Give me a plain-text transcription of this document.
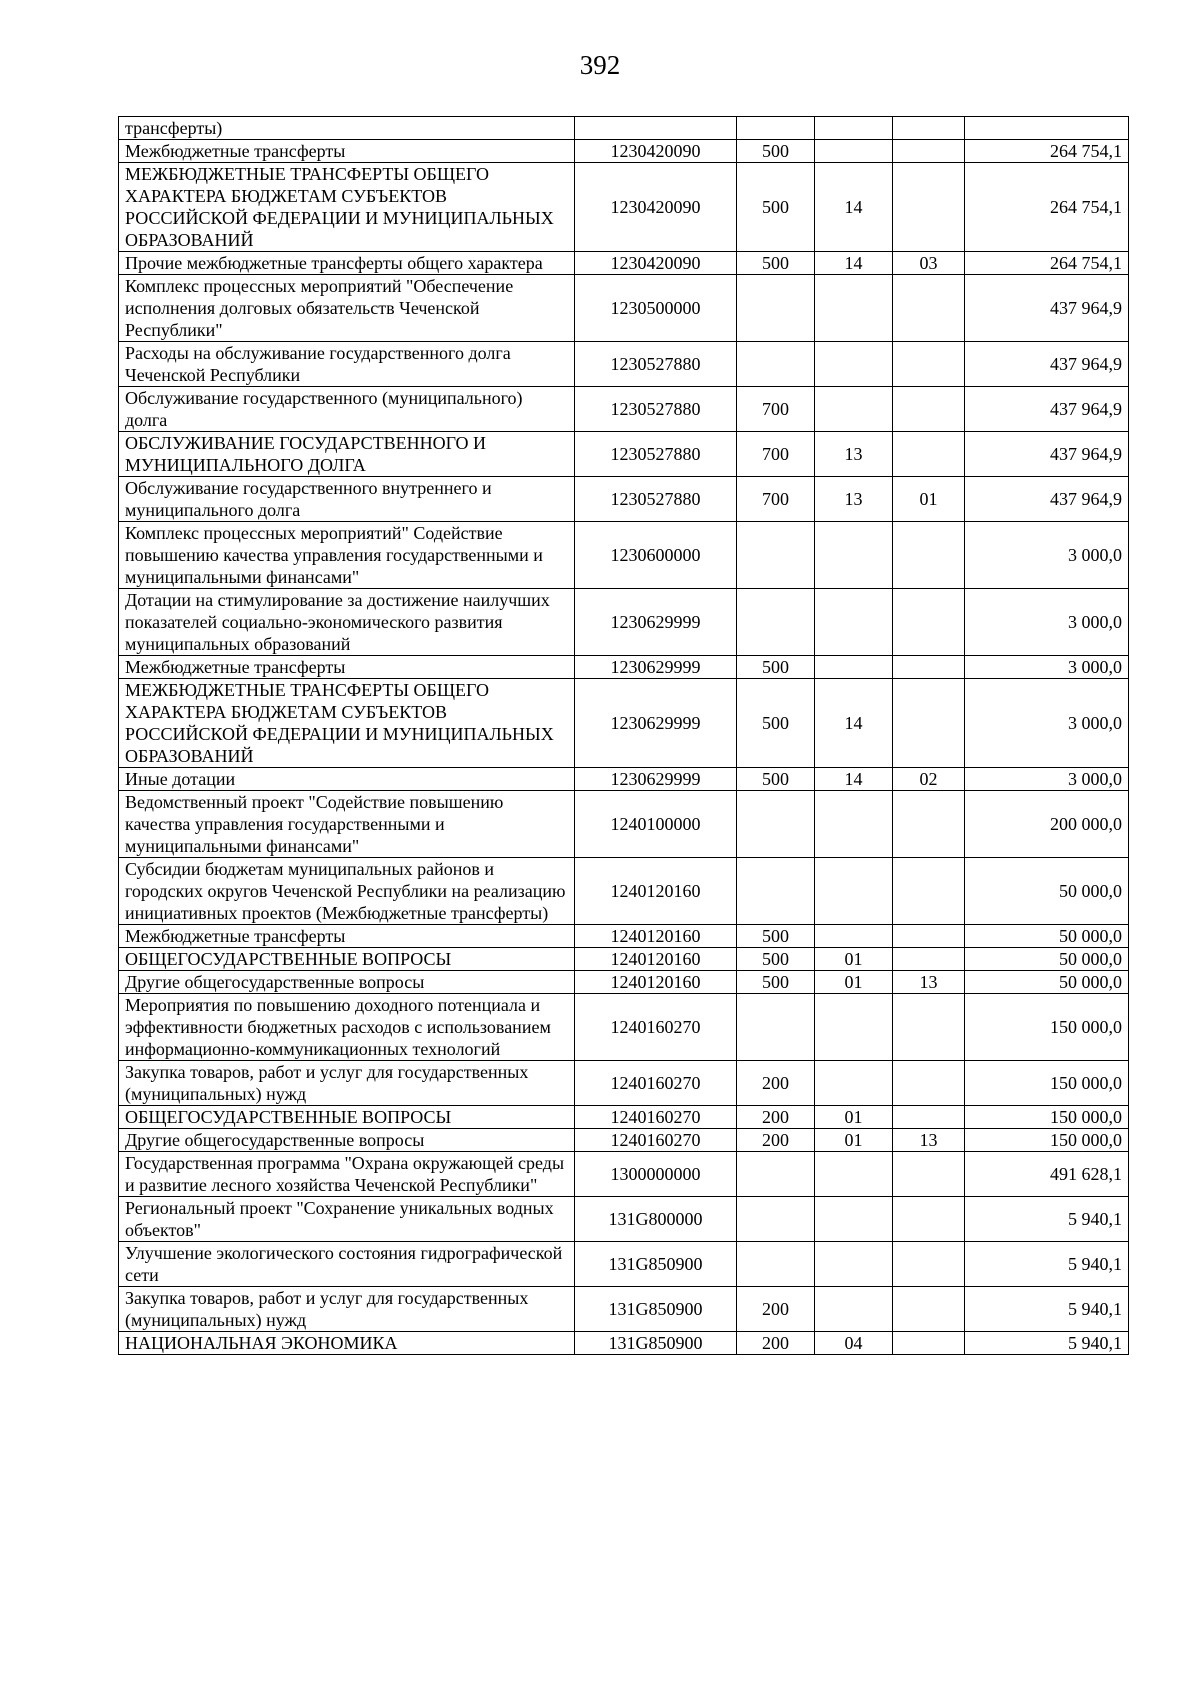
392
трансферты)					
Межбюджетные трансферты	1230420090	500			264 754,1
МЕЖБЮДЖЕТНЫЕ ТРАНСФЕРТЫ ОБЩЕГО ХАРАКТЕРА БЮДЖЕТАМ СУБЪЕКТОВ РОССИЙСКОЙ ФЕДЕРАЦИИ И МУНИЦИПАЛЬНЫХ ОБРАЗОВАНИЙ	1230420090	500	14		264 754,1
Прочие межбюджетные трансферты общего характера	1230420090	500	14	03	264 754,1
Комплекс процессных мероприятий "Обеспечение исполнения долговых обязательств Чеченской Республики"	1230500000				437 964,9
Расходы на обслуживание государственного долга Чеченской Республики	1230527880				437 964,9
Обслуживание государственного (муниципального) долга	1230527880	700			437 964,9
ОБСЛУЖИВАНИЕ ГОСУДАРСТВЕННОГО И МУНИЦИПАЛЬНОГО ДОЛГА	1230527880	700	13		437 964,9
Обслуживание государственного внутреннего и муниципального долга	1230527880	700	13	01	437 964,9
Комплекс процессных мероприятий" Содействие повышению качества управления государственными и муниципальными финансами"	1230600000				3 000,0
Дотации на стимулирование за достижение наилучших показателей социально-экономического развития муниципальных образований	1230629999				3 000,0
Межбюджетные трансферты	1230629999	500			3 000,0
МЕЖБЮДЖЕТНЫЕ ТРАНСФЕРТЫ ОБЩЕГО ХАРАКТЕРА БЮДЖЕТАМ СУБЪЕКТОВ РОССИЙСКОЙ ФЕДЕРАЦИИ И МУНИЦИПАЛЬНЫХ ОБРАЗОВАНИЙ	1230629999	500	14		3 000,0
Иные дотации	1230629999	500	14	02	3 000,0
Ведомственный проект "Содействие повышению качества управления государственными и муниципальными финансами"	1240100000				200 000,0
Субсидии бюджетам муниципальных районов и городских округов Чеченской Республики на реализацию инициативных проектов (Межбюджетные трансферты)	1240120160				50 000,0
Межбюджетные трансферты	1240120160	500			50 000,0
ОБЩЕГОСУДАРСТВЕННЫЕ ВОПРОСЫ	1240120160	500	01		50 000,0
Другие общегосударственные вопросы	1240120160	500	01	13	50 000,0
Мероприятия по повышению доходного потенциала и эффективности бюджетных расходов с использованием информационно-коммуникационных технологий	1240160270				150 000,0
Закупка товаров, работ и услуг для государственных (муниципальных) нужд	1240160270	200			150 000,0
ОБЩЕГОСУДАРСТВЕННЫЕ ВОПРОСЫ	1240160270	200	01		150 000,0
Другие общегосударственные вопросы	1240160270	200	01	13	150 000,0
Государственная программа "Охрана окружающей среды и развитие лесного хозяйства Чеченской Республики"	1300000000				491 628,1
Региональный проект "Сохранение уникальных водных объектов"	131G800000				5 940,1
Улучшение экологического состояния гидрографической сети	131G850900				5 940,1
Закупка товаров, работ и услуг для государственных (муниципальных) нужд	131G850900	200			5 940,1
НАЦИОНАЛЬНАЯ ЭКОНОМИКА	131G850900	200	04		5 940,1
